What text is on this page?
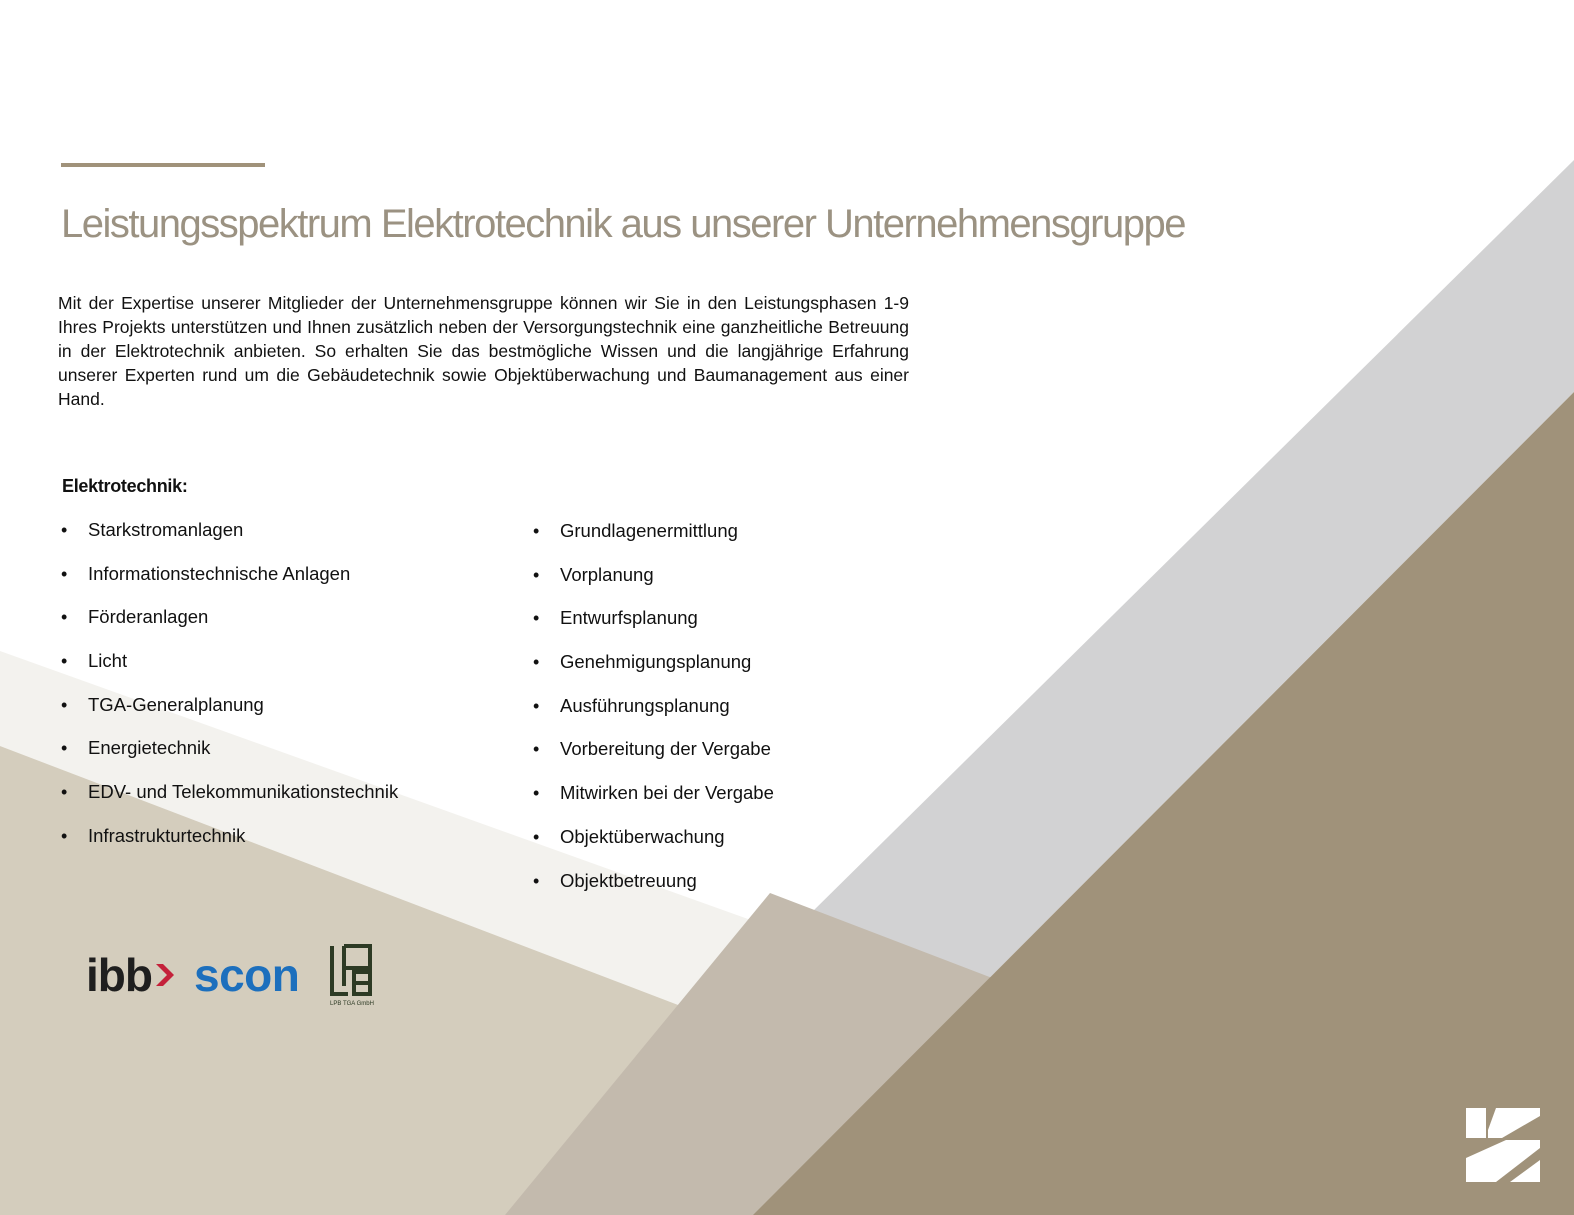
Leistungsspektrum Elektrotechnik aus unserer Unternehmensgruppe

Mit der Expertise unserer Mitglieder der Unternehmensgruppe können wir Sie in den Leistungsphasen 1-9 Ihres Projekts unterstützen und Ihnen zusätzlich neben der Versorgungstechnik eine ganzheitliche Betreuung in der Elektrotechnik anbieten. So erhalten Sie das bestmögliche Wissen und die langjährige Erfahrung unserer Experten rund um die Gebäudetechnik sowie Objektüberwachung und Baumanagement aus einer Hand.

Elektrotechnik:
• Starkstromanlagen
• Informationstechnische Anlagen
• Förderanlagen
• Licht
• TGA-Generalplanung
• Energietechnik
• EDV- und Telekommunikationstechnik
• Infrastrukturtechnik
• Grundlagenermittlung
• Vorplanung
• Entwurfsplanung
• Genehmigungsplanung
• Ausführungsplanung
• Vorbereitung der Vergabe
• Mitwirken bei der Vergabe
• Objektüberwachung
• Objektbetreuung
ibb scon
LPB TGA GmbH
